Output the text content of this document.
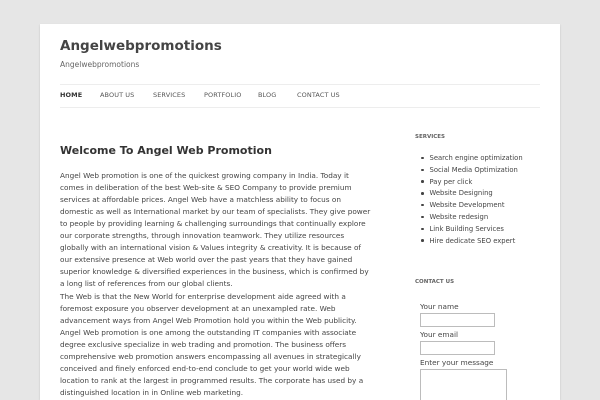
Angelwebpromotions
Angelwebpromotions
HOME	ABOUT US	SERVICES	PORTFOLIO	BLOG	CONTACT US
Welcome To Angel Web Promotion

Angel Web promotion is one of the quickest growing company in India. Today it comes in deliberation of the best Web-site & SEO Company to provide premium services at affordable prices. Angel Web have a matchless ability to focus on domestic as well as International market by our team of specialists. They give power to people by providing learning & challenging surroundings that continually explore our corporate strengths, through innovation teamwork. They utilize resources globally with an international vision & Values integrity & creativity. It is because of our extensive presence at Web world over the past years that they have gained superior knowledge & diversified experiences in the business, which is confirmed by a long list of references from our global clients.

The Web is that the New World for enterprise development aide agreed with a foremost exposure you observer development at an unexampled rate. Web advancement ways from Angel Web Promotion hold you within the Web publicity. Angel Web promotion is one among the outstanding IT companies with associate degree exclusive specialize in web trading and promotion. The business offers comprehensive web promotion answers encompassing all avenues in strategically conceived and finely enforced end-to-end conclude to get your world wide web location to rank at the largest in programmed results. The corporate has used by a distinguished location in in Online web marketing.

SERVICES
Search engine optimization
Social Media Optimization
Pay per click
Website Designing
Website Development
Website redesign
Link Building Services
Hire dedicate SEO expert
CONTACT US
Your name
Your email
Enter your message
